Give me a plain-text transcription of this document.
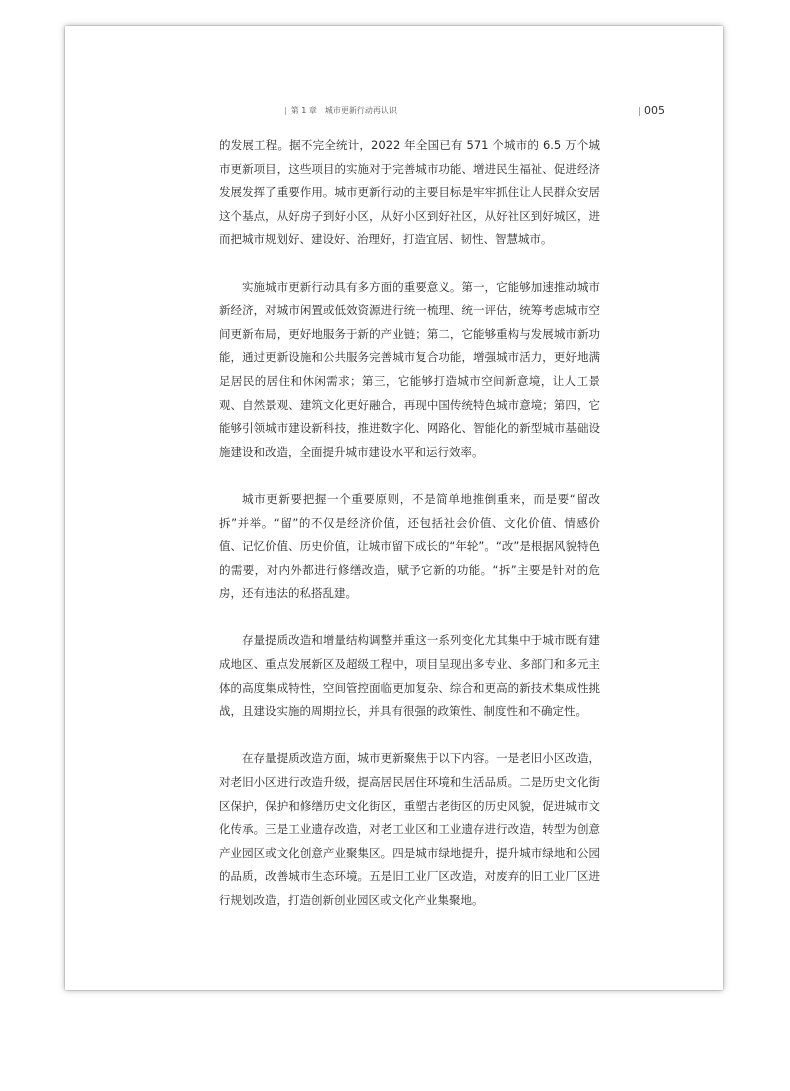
| 第 1 章 城市更新行动再认识	| 005

的发展工程。据不完全统计，2022 年全国已有 571 个城市的 6.5 万个城市更新项目，这些项目的实施对于完善城市功能、增进民生福祉、促进经济发展发挥了重要作用。城市更新行动的主要目标是牢牢抓住让人民群众安居这个基点，从好房子到好小区，从好小区到好社区，从好社区到好城区，进而把城市规划好、建设好、治理好，打造宜居、韧性、智慧城市。

实施城市更新行动具有多方面的重要意义。第一，它能够加速推动城市新经济，对城市闲置或低效资源进行统一梳理、统一评估，统筹考虑城市空间更新布局，更好地服务于新的产业链；第二，它能够重构与发展城市新功能，通过更新设施和公共服务完善城市复合功能，增强城市活力，更好地满足居民的居住和休闲需求；第三，它能够打造城市空间新意境，让人工景观、自然景观、建筑文化更好融合，再现中国传统特色城市意境；第四，它能够引领城市建设新科技，推进数字化、网路化、智能化的新型城市基础设施建设和改造，全面提升城市建设水平和运行效率。

城市更新要把握一个重要原则，不是简单地推倒重来，而是要“留改拆”并举。“留”的不仅是经济价值，还包括社会价值、文化价值、情感价值、记忆价值、历史价值，让城市留下成长的“年轮”。“改”是根据风貌特色的需要，对内外都进行修缮改造，赋予它新的功能。“拆”主要是针对的危房，还有违法的私搭乱建。

存量提质改造和增量结构调整并重这一系列变化尤其集中于城市既有建成地区、重点发展新区及超级工程中，项目呈现出多专业、多部门和多元主体的高度集成特性，空间管控面临更加复杂、综合和更高的新技术集成性挑战，且建设实施的周期拉长，并具有很强的政策性、制度性和不确定性。

在存量提质改造方面，城市更新聚焦于以下内容。一是老旧小区改造，对老旧小区进行改造升级，提高居民居住环境和生活品质。二是历史文化街区保护，保护和修缮历史文化街区，重塑古老街区的历史风貌，促进城市文化传承。三是工业遗存改造，对老工业区和工业遗存进行改造，转型为创意产业园区或文化创意产业聚集区。四是城市绿地提升，提升城市绿地和公园的品质，改善城市生态环境。五是旧工业厂区改造，对废弃的旧工业厂区进行规划改造，打造创新创业园区或文化产业集聚地。
